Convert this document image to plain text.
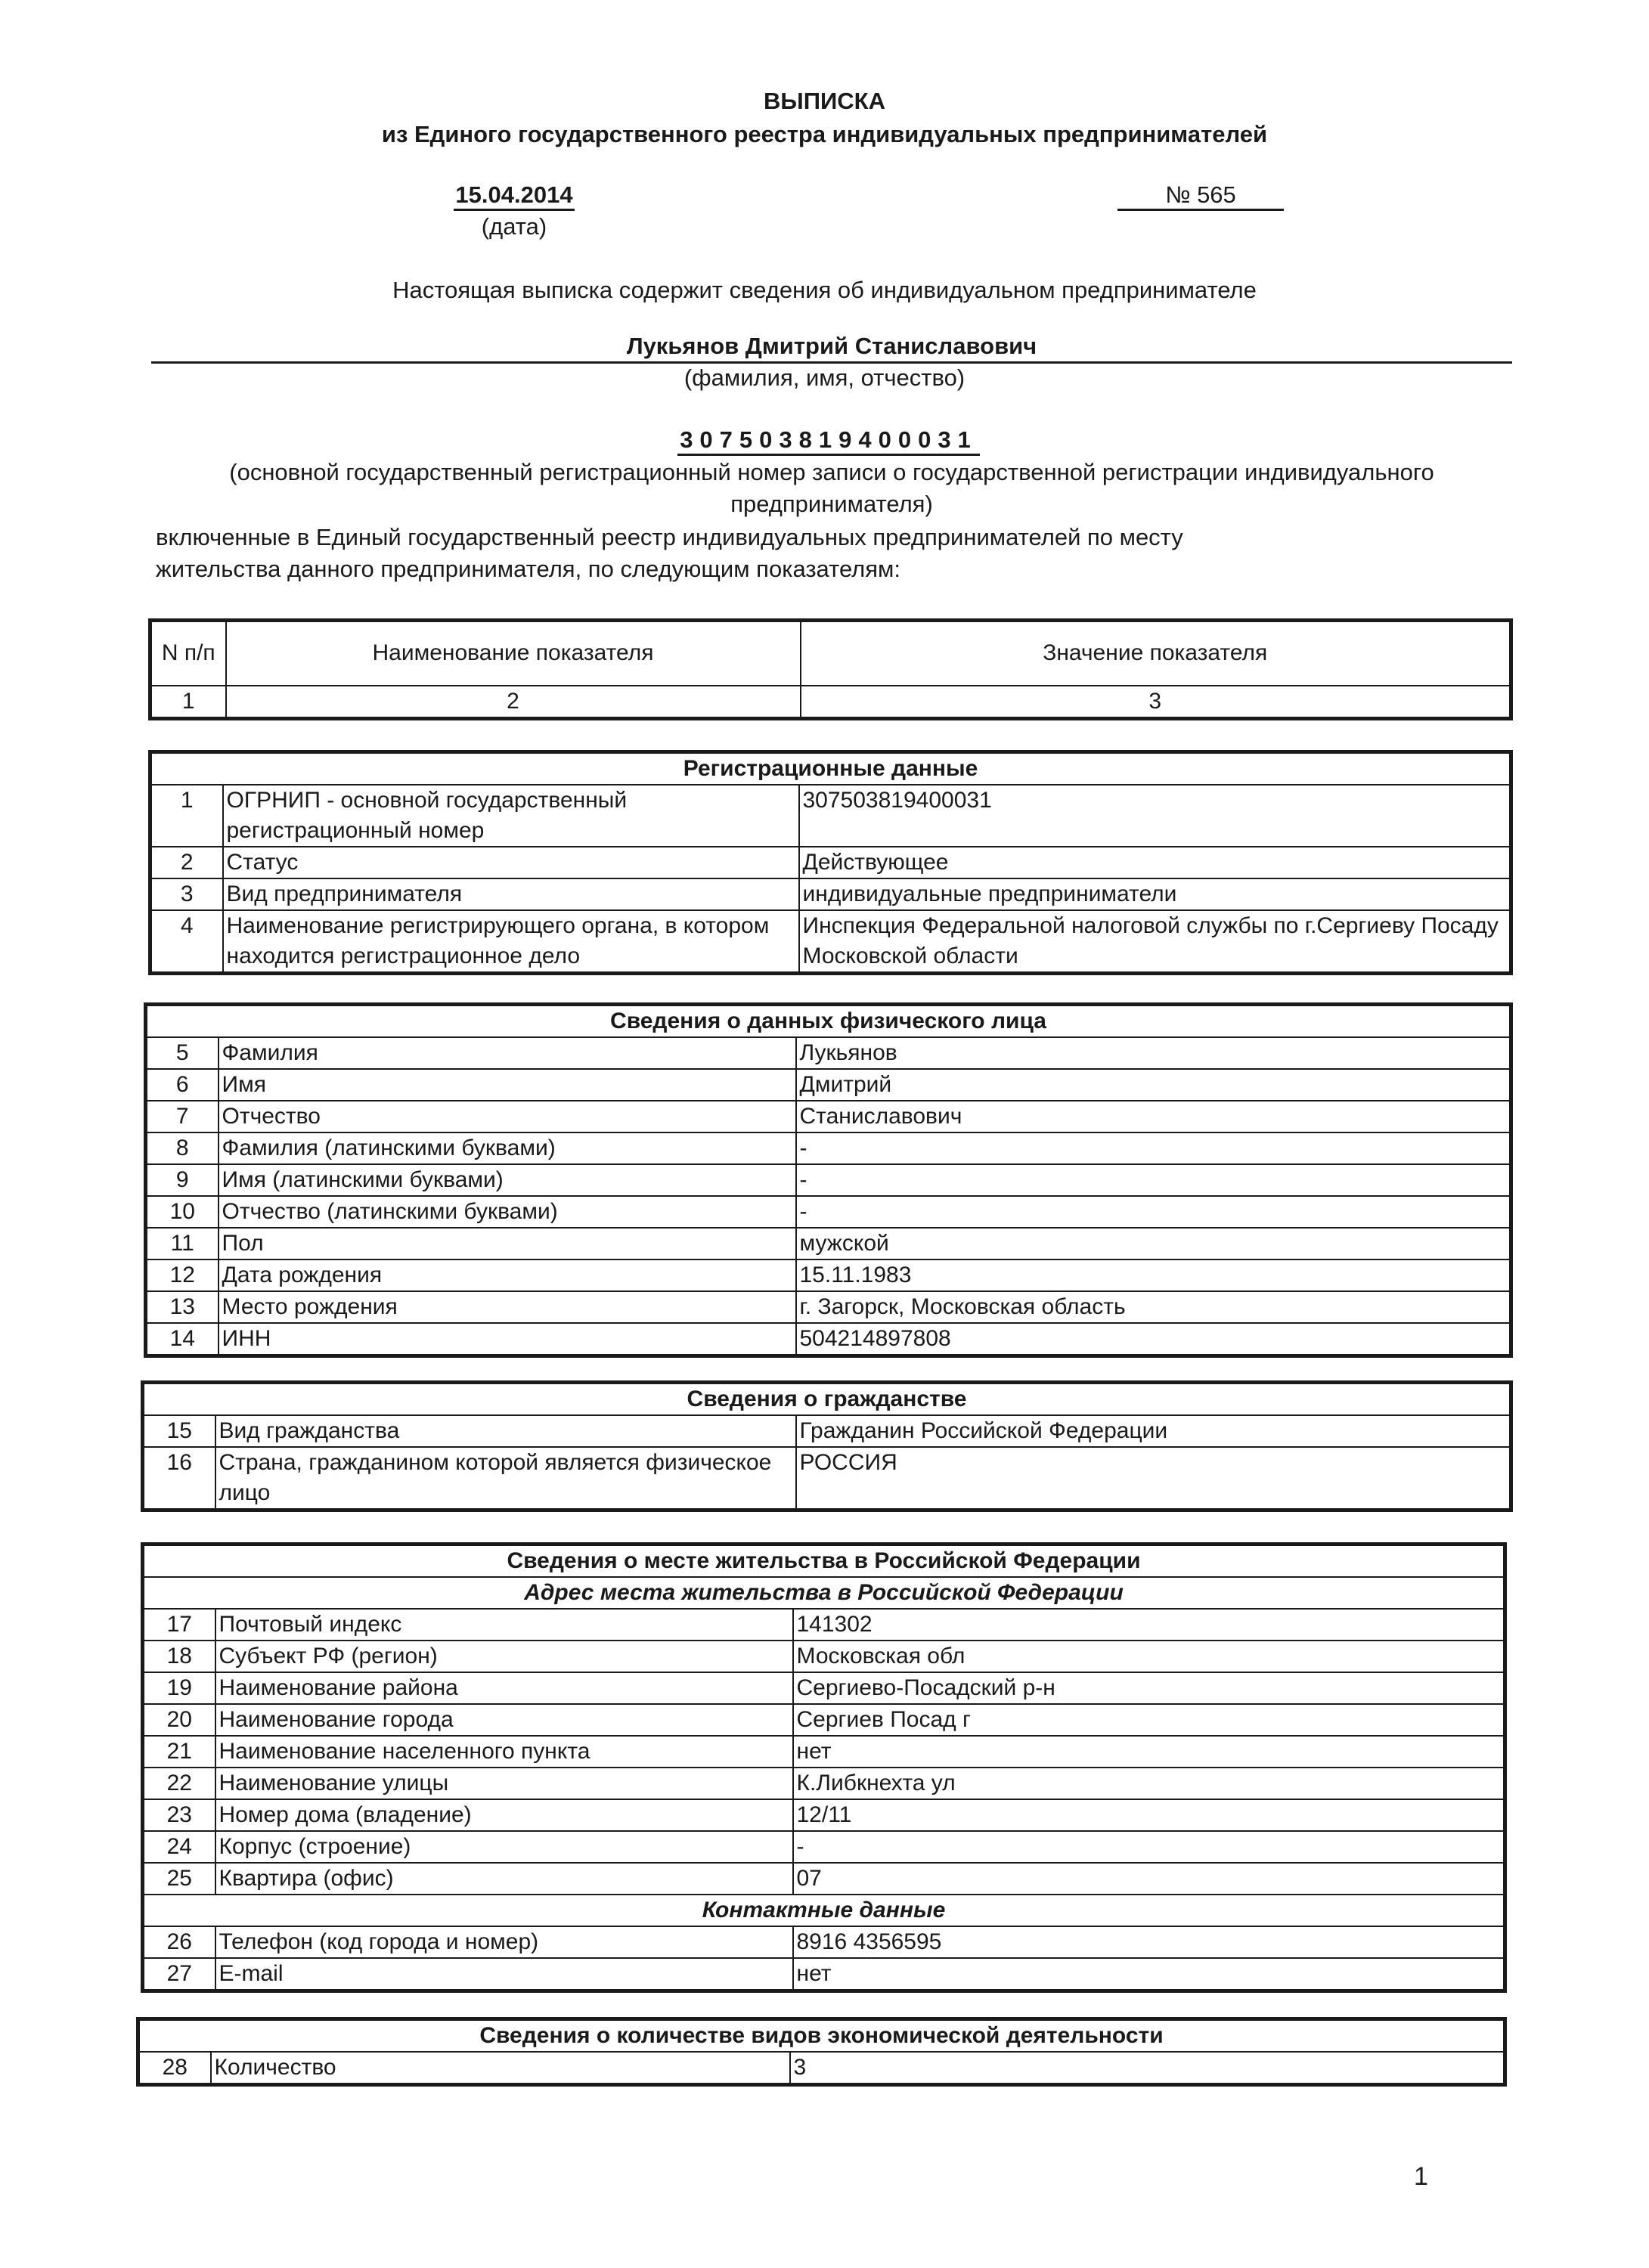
ВЫПИСКА
из Единого государственного реестра индивидуальных предпринимателей
15.04.2014
(дата)
№ 565
Настоящая выписка содержит сведения об индивидуальном предпринимателе
Лукьянов Дмитрий Станиславович
(фамилия, имя, отчество)
307503819400031
(основной государственный регистрационный номер записи о государственной регистрации индивидуального предпринимателя)
включенные в Единый государственный реестр индивидуальных предпринимателей по месту жительства данного предпринимателя, по следующим показателям:
N п/п	Наименование показателя	Значение показателя
1	2	3
Регистрационные данные		
1	ОГРНИП - основной государственный регистрационный номер	307503819400031
2	Статус	Действующее
3	Вид предпринимателя	индивидуальные предприниматели
4	Наименование регистрирующего органа, в котором находится регистрационное дело	Инспекция Федеральной налоговой службы по г.Сергиеву Посаду Московской области
Сведения о данных физического лица		
5	Фамилия	Лукьянов
6	Имя	Дмитрий
7	Отчество	Станиславович
8	Фамилия (латинскими буквами)	-
9	Имя (латинскими буквами)	-
10	Отчество (латинскими буквами)	-
11	Пол	мужской
12	Дата рождения	15.11.1983
13	Место рождения	г. Загорск, Московская область
14	ИНН	504214897808
Сведения о гражданстве		
15	Вид гражданства	Гражданин Российской Федерации
16	Страна, гражданином которой является физическое лицо	РОССИЯ
Сведения о месте жительства в Российской Федерации		
Адрес места жительства в Российской Федерации		
17	Почтовый индекс	141302
18	Субъект РФ (регион)	Московская обл
19	Наименование района	Сергиево-Посадский р-н
20	Наименование города	Сергиев Посад г
21	Наименование населенного пункта	нет
22	Наименование улицы	К.Либкнехта ул
23	Номер дома (владение)	12/11
24	Корпус (строение)	-
25	Квартира (офис)	07
Контактные данные		
26	Телефон (код города и номер)	8916 4356595
27	E-mail	нет
Сведения о количестве видов экономической деятельности
28	Количество	3
1
